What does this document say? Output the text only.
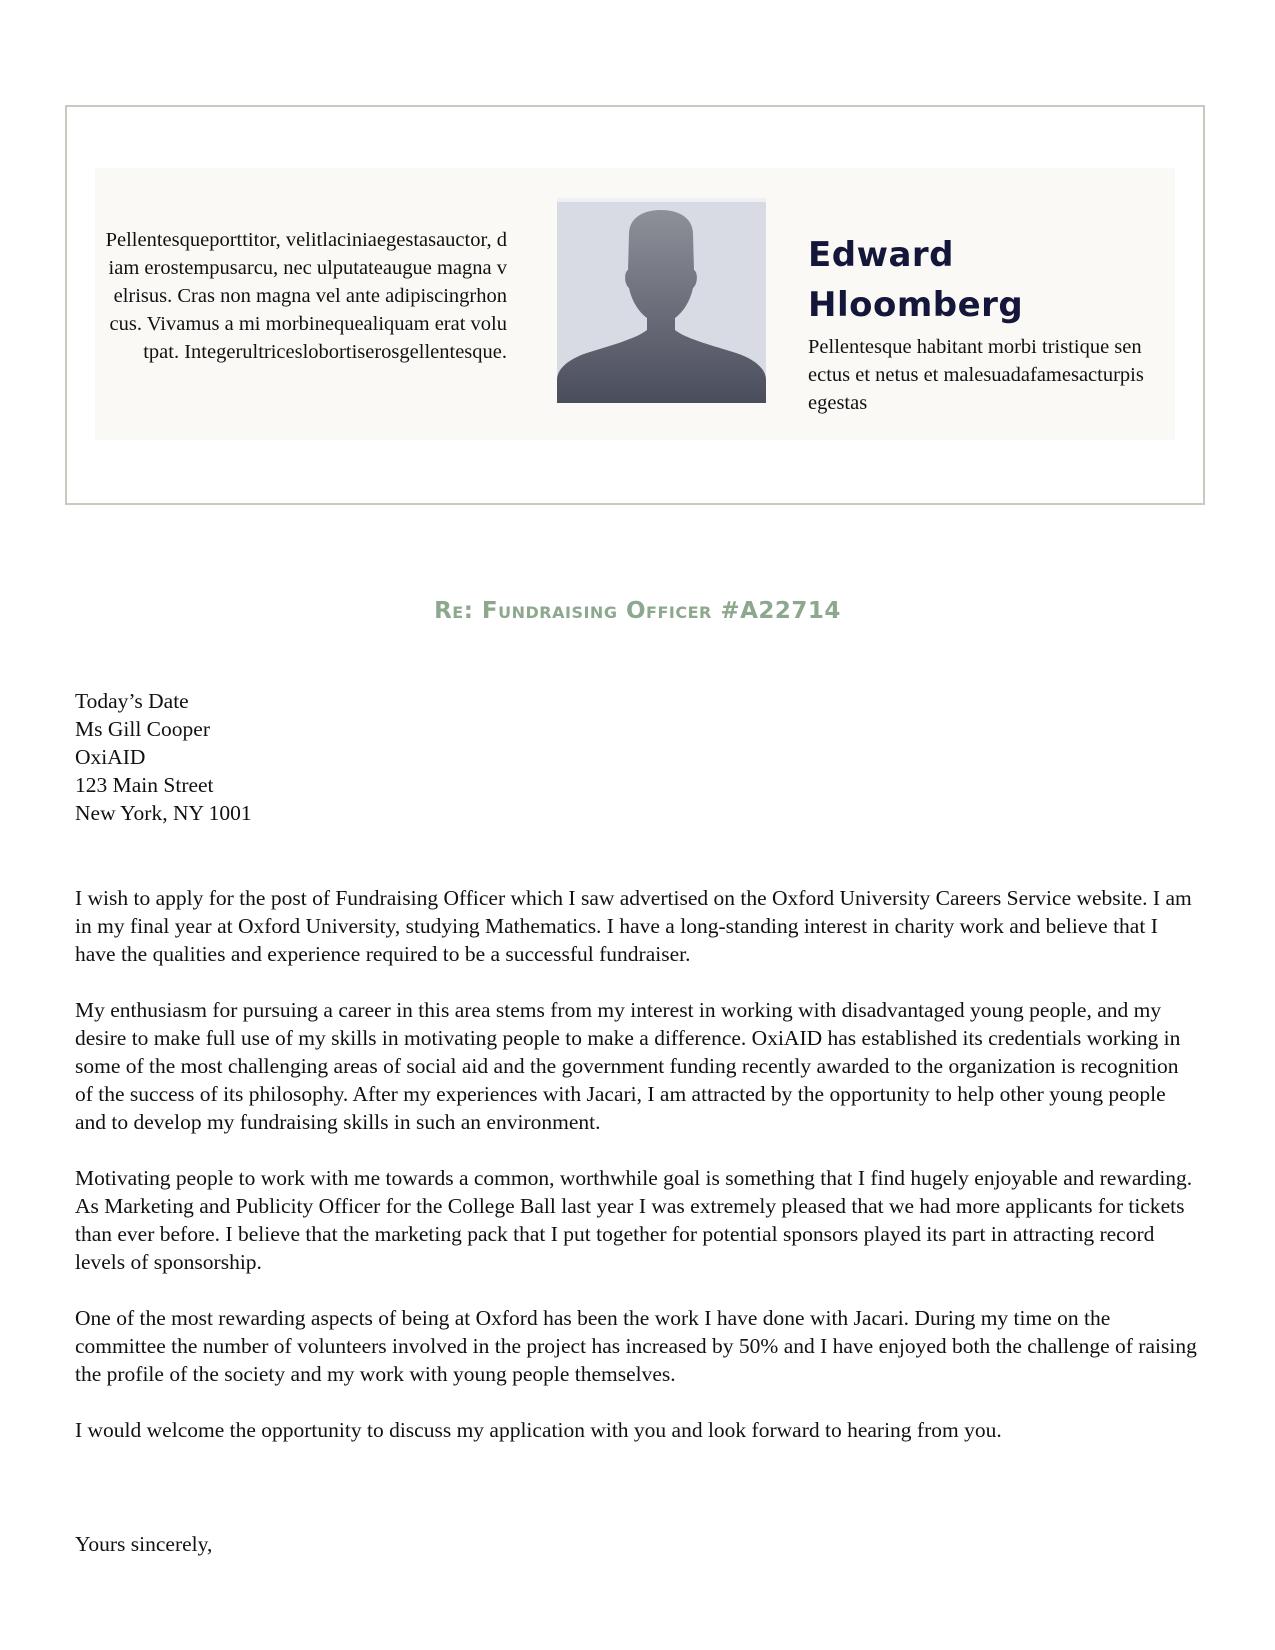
Pellentesqueporttitor, velitlaciniaegestasauctor, diam erostempusarcu, nec ulputateaugue magna velrisus. Cras non magna vel ante adipiscingrhoncus. Vivamus a mi morbinequealiquam erat volutpat. Integerultriceslobortiserosgellentesque.
Edward
Hloomberg
Pellentesque habitant morbi tristique senectus et netus et malesuadafamesacturpisegestas
Re: Fundraising Officer #A22714
Today’s Date
Ms Gill Cooper
OxiAID
123 Main Street
New York, NY 1001

I wish to apply for the post of Fundraising Officer which I saw advertised on the Oxford University Careers Service website. I am in my final year at Oxford University, studying Mathematics. I have a long-standing interest in charity work and believe that I have the qualities and experience required to be a successful fundraiser.

My enthusiasm for pursuing a career in this area stems from my interest in working with disadvantaged young people, and my desire to make full use of my skills in motivating people to make a difference. OxiAID has established its credentials working in some of the most challenging areas of social aid and the government funding recently awarded to the organization is recognition of the success of its philosophy. After my experiences with Jacari, I am attracted by the opportunity to help other young people and to develop my fundraising skills in such an environment.

Motivating people to work with me towards a common, worthwhile goal is something that I find hugely enjoyable and rewarding. As Marketing and Publicity Officer for the College Ball last year I was extremely pleased that we had more applicants for tickets than ever before. I believe that the marketing pack that I put together for potential sponsors played its part in attracting record levels of sponsorship.

One of the most rewarding aspects of being at Oxford has been the work I have done with Jacari. During my time on the committee the number of volunteers involved in the project has increased by 50% and I have enjoyed both the challenge of raising the profile of the society and my work with young people themselves.

I would welcome the opportunity to discuss my application with you and look forward to hearing from you.

Yours sincerely,
